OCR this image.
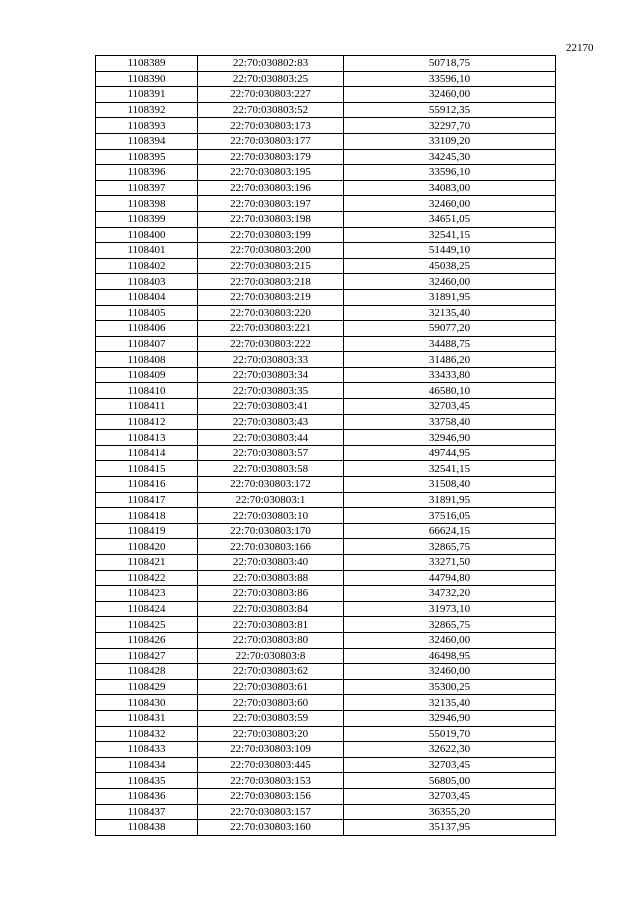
22170
1108389	22:70:030802:83	50718,75
1108390	22:70:030803:25	33596,10
1108391	22:70:030803:227	32460,00
1108392	22:70:030803:52	55912,35
1108393	22:70:030803:173	32297,70
1108394	22:70:030803:177	33109,20
1108395	22:70:030803:179	34245,30
1108396	22:70:030803:195	33596,10
1108397	22:70:030803:196	34083,00
1108398	22:70:030803:197	32460,00
1108399	22:70:030803:198	34651,05
1108400	22:70:030803:199	32541,15
1108401	22:70:030803:200	51449,10
1108402	22:70:030803:215	45038,25
1108403	22:70:030803:218	32460,00
1108404	22:70:030803:219	31891,95
1108405	22:70:030803:220	32135,40
1108406	22:70:030803:221	59077,20
1108407	22:70:030803:222	34488,75
1108408	22:70:030803:33	31486,20
1108409	22:70:030803:34	33433,80
1108410	22:70:030803:35	46580,10
1108411	22:70:030803:41	32703,45
1108412	22:70:030803:43	33758,40
1108413	22:70:030803:44	32946,90
1108414	22:70:030803:57	49744,95
1108415	22:70:030803:58	32541,15
1108416	22:70:030803:172	31508,40
1108417	22:70:030803:1	31891,95
1108418	22:70:030803:10	37516,05
1108419	22:70:030803:170	66624,15
1108420	22:70:030803:166	32865,75
1108421	22:70:030803:40	33271,50
1108422	22:70:030803:88	44794,80
1108423	22:70:030803:86	34732,20
1108424	22:70:030803:84	31973,10
1108425	22:70:030803:81	32865,75
1108426	22:70:030803:80	32460,00
1108427	22:70:030803:8	46498,95
1108428	22:70:030803:62	32460,00
1108429	22:70:030803:61	35300,25
1108430	22:70:030803:60	32135,40
1108431	22:70:030803:59	32946,90
1108432	22:70:030803:20	55019,70
1108433	22:70:030803:109	32622,30
1108434	22:70:030803:445	32703,45
1108435	22:70:030803:153	56805,00
1108436	22:70:030803:156	32703,45
1108437	22:70:030803:157	36355,20
1108438	22:70:030803:160	35137,95
